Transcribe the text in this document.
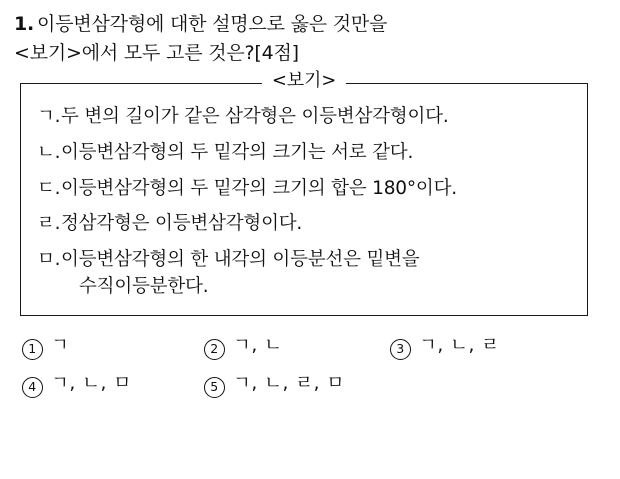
1. 이등변삼각형에 대한 설명으로 옳은 것만을
<보기>에서 모두 고른 것은?[4점]
<보기>
ㄱ. 두 변의 길이가 같은 삼각형은 이등변삼각형이다.
ㄴ. 이등변삼각형의 두 밑각의 크기는 서로 같다.
ㄷ. 이등변삼각형의 두 밑각의 크기의 합은 180°이다.
ㄹ. 정삼각형은 이등변삼각형이다.
ㅁ. 이등변삼각형의 한 내각의 이등분선은 밑변을
수직이등분한다.
1 ㄱ	2 ㄱ, ㄴ	3 ㄱ, ㄴ, ㄹ
4 ㄱ, ㄴ, ㅁ	5 ㄱ, ㄴ, ㄹ, ㅁ
